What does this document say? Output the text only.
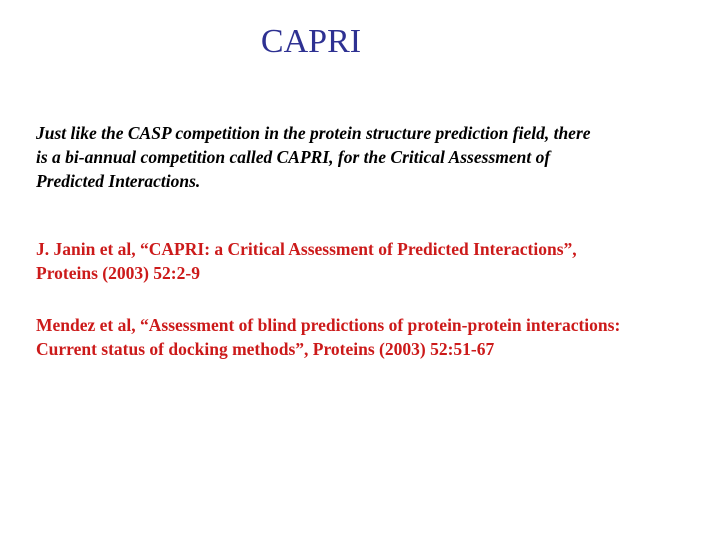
CAPRI

Just like the CASP competition in the protein structure prediction field, there
is a bi-annual competition called CAPRI, for the Critical Assessment of
Predicted Interactions.

J. Janin et al, “CAPRI: a Critical Assessment of Predicted Interactions”,
Proteins (2003) 52:2-9

Mendez et al, “Assessment of blind predictions of protein-protein interactions:
Current status of docking methods”, Proteins (2003) 52:51-67
